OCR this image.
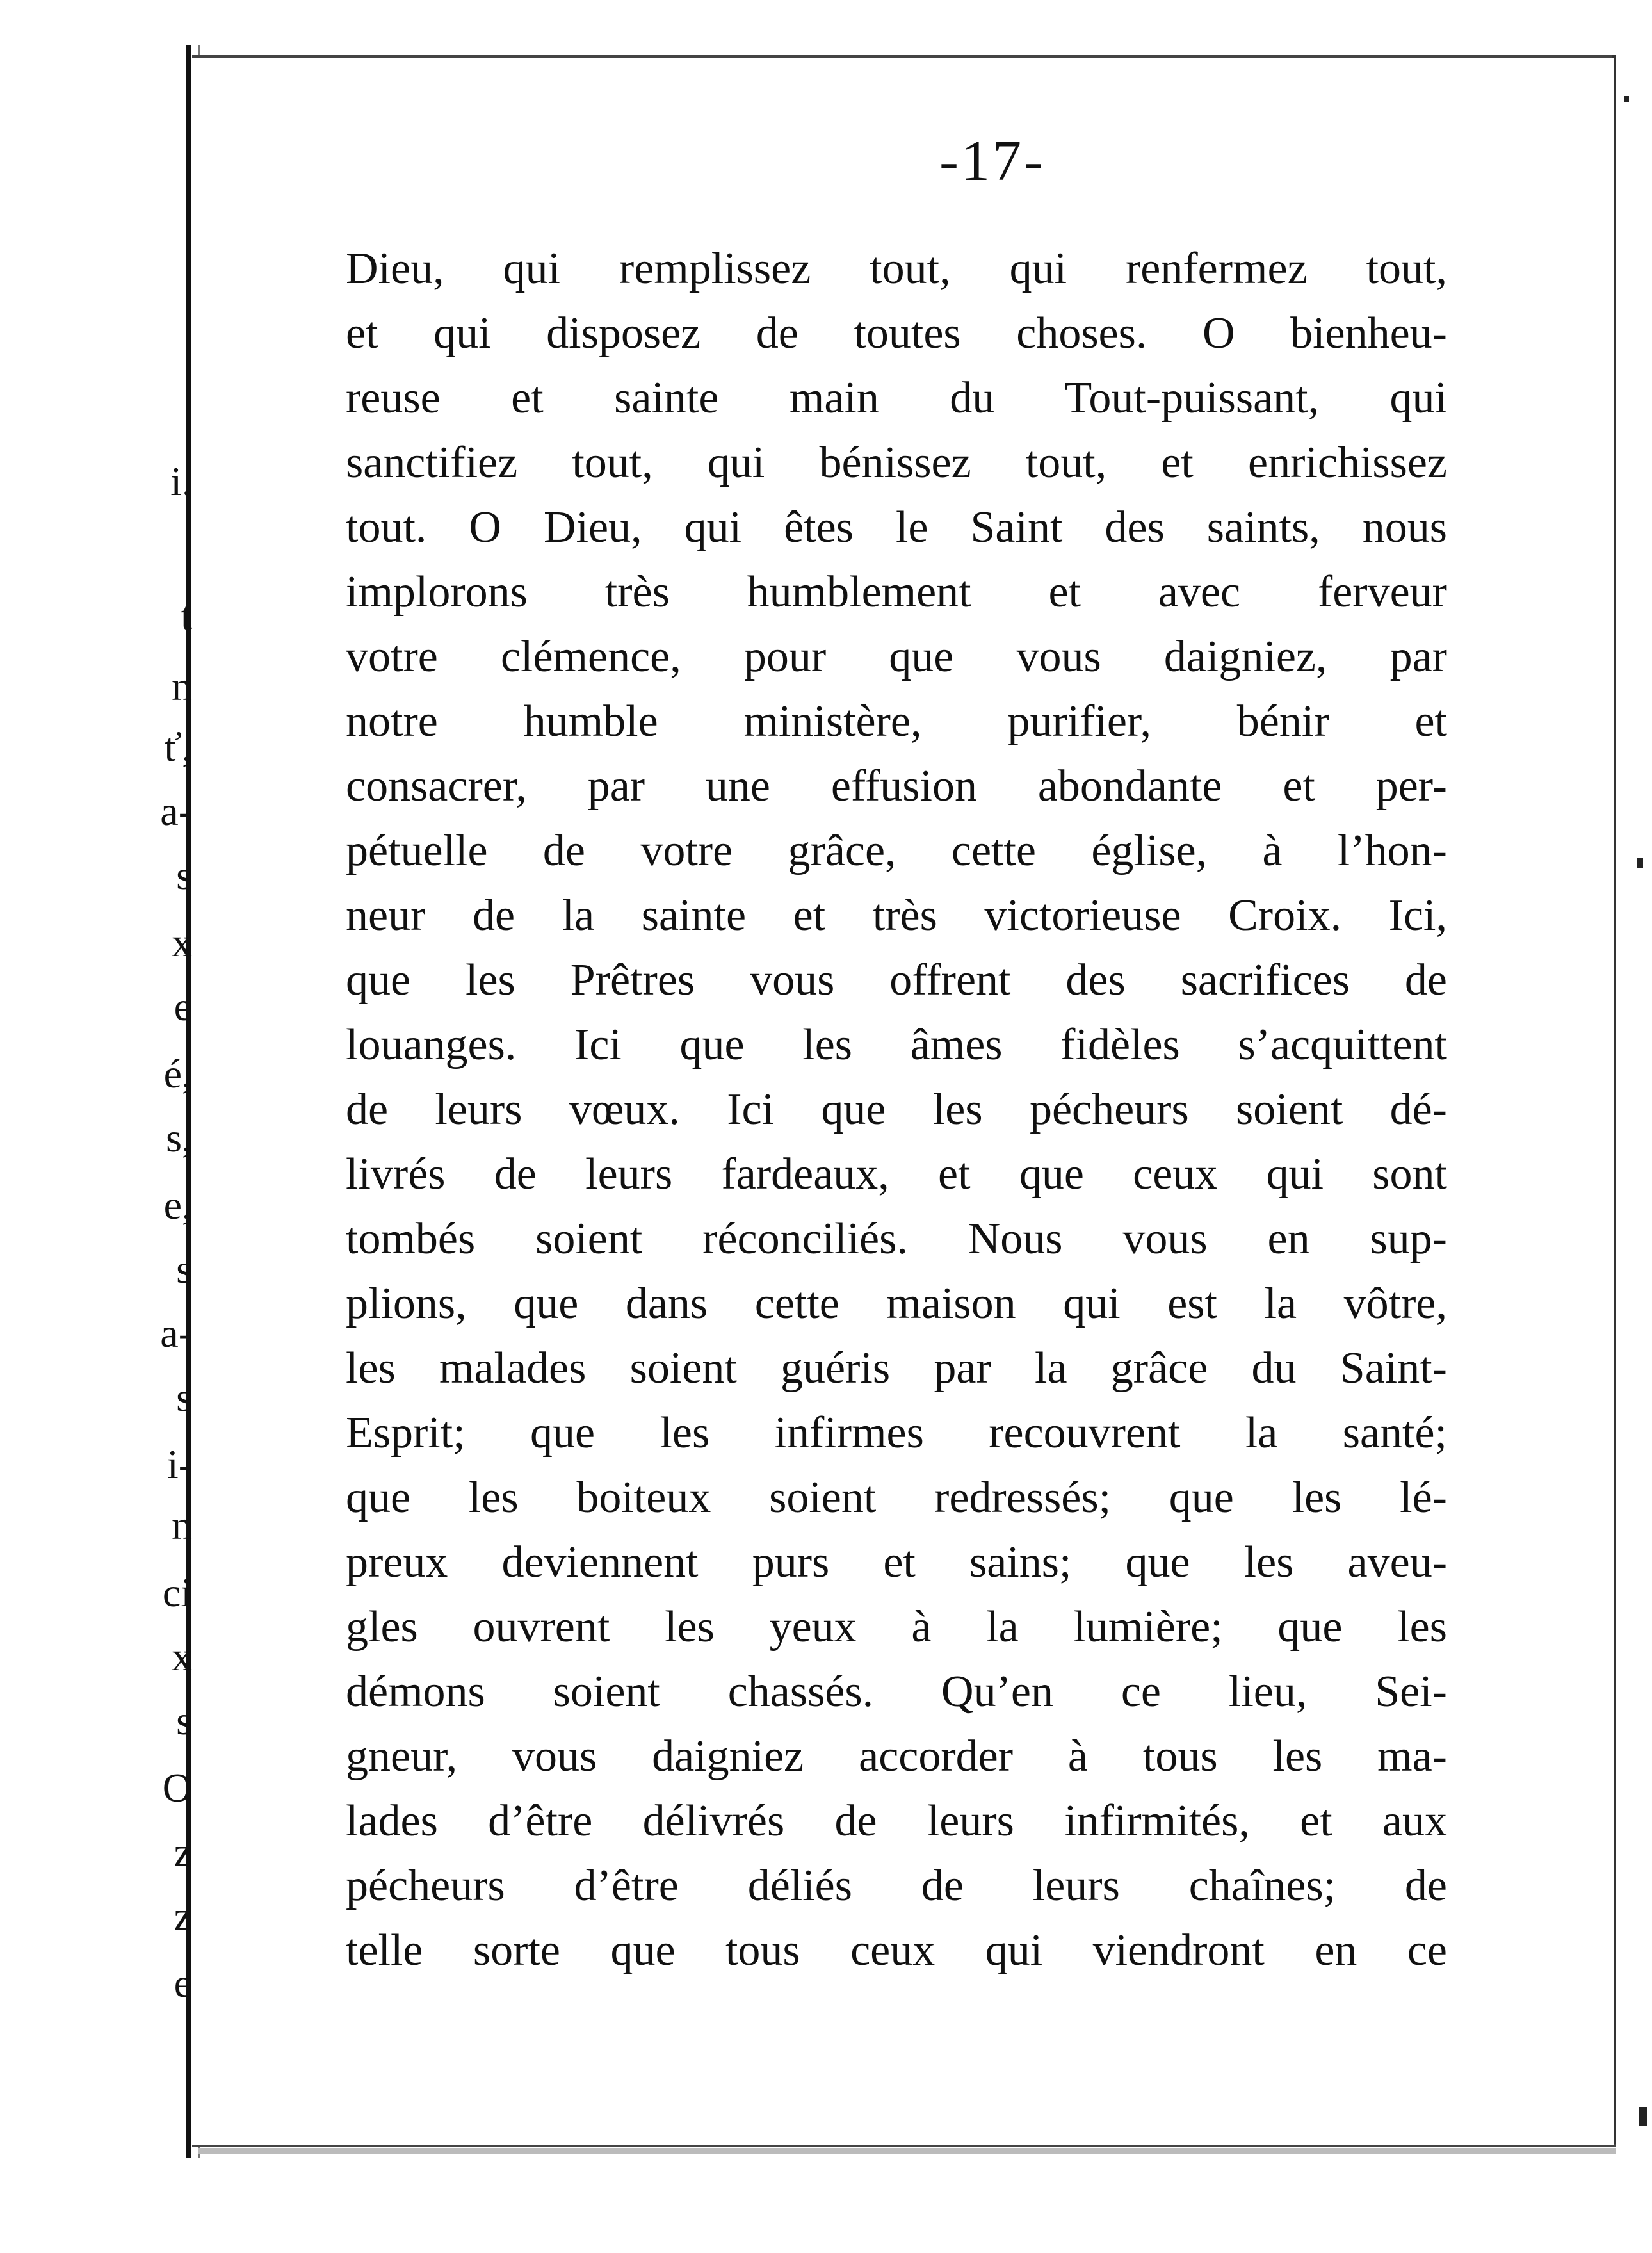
i.
t
n
ť,
a-
s
x
e
é,
s,
e,
s
a-
s
i-
n
ci
x
s
O
z
z
e
-17-
Dieu, qui remplissez tout, qui renfermez tout,
et qui disposez de toutes choses. O bienheu-
reuse et sainte main du Tout-puissant, qui
sanctifiez tout, qui bénissez tout, et enrichissez
tout. O Dieu, qui êtes le Saint des saints, nous
implorons très humblement et avec ferveur
votre clémence, pour que vous daigniez, par
notre humble ministère, purifier, bénir et
consacrer, par une effusion abondante et per-
pétuelle de votre grâce, cette église, à l’hon-
neur de la sainte et très victorieuse Croix. Ici,
que les Prêtres vous offrent des sacrifices de
louanges. Ici que les âmes fidèles s’acquittent
de leurs vœux. Ici que les pécheurs soient dé-
livrés de leurs fardeaux, et que ceux qui sont
tombés soient réconciliés. Nous vous en sup-
plions, que dans cette maison qui est la vôtre,
les malades soient guéris par la grâce du Saint-
Esprit; que les infirmes recouvrent la santé;
que les boiteux soient redressés; que les lé-
preux deviennent purs et sains; que les aveu-
gles ouvrent les yeux à la lumière; que les
démons soient chassés. Qu’en ce lieu, Sei-
gneur, vous daigniez accorder à tous les ma-
lades d’être délivrés de leurs infirmités, et aux
pécheurs d’être déliés de leurs chaînes; de
telle sorte que tous ceux qui viendront en ce
